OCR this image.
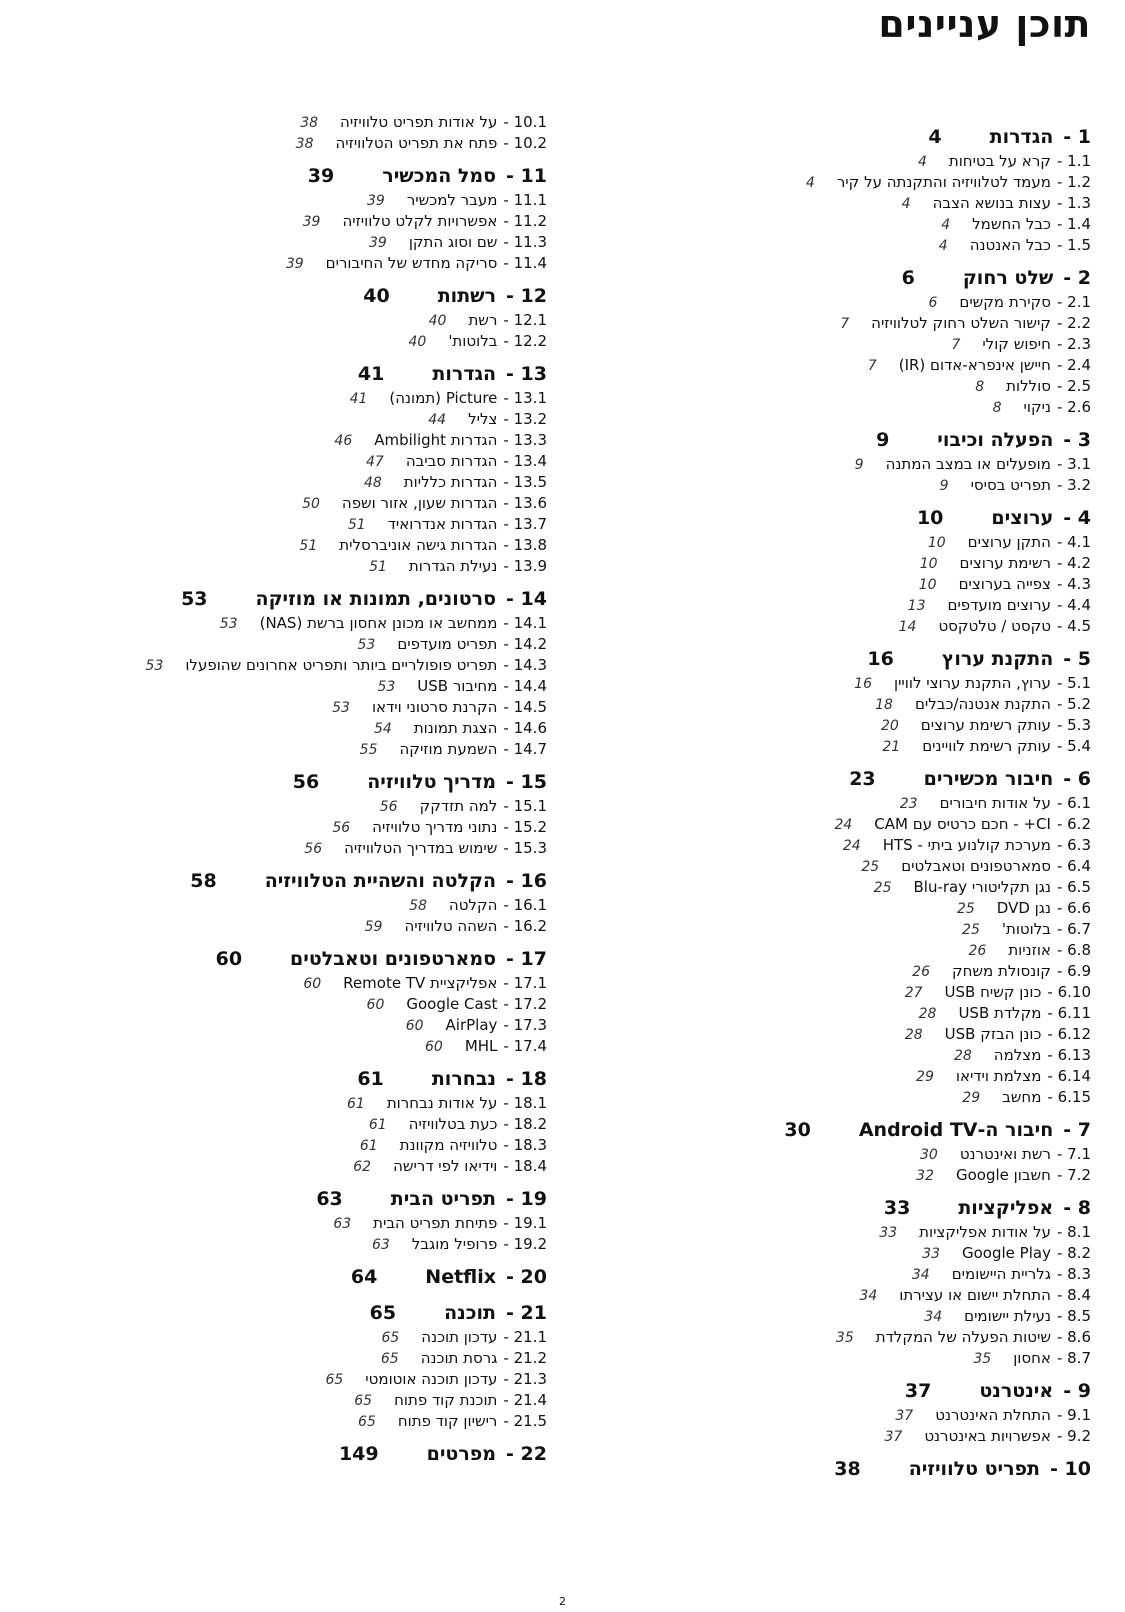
תוכן עניינים
1 -הגדרות4
1.1 -קרא על בטיחות4
1.2 -מעמד לטלוויזיה והתקנתה על קיר4
1.3 -עצות בנושא הצבה4
1.4 -כבל החשמל4
1.5 -כבל האנטנה4
2 -שלט רחוק6
2.1 -סקירת מקשים6
2.2 -קישור השלט רחוק לטלוויזיה7
2.3 -חיפוש קולי7
2.4 -חיישן אינפרא-אדום (IR)7
2.5 -סוללות8
2.6 -ניקוי8
3 -הפעלה וכיבוי9
3.1 -מופעלים או במצב המתנה9
3.2 -תפריט בסיסי9
4 -ערוצים10
4.1 -התקן ערוצים10
4.2 -רשימת ערוצים10
4.3 -צפייה בערוצים10
4.4 -ערוצים מועדפים13
4.5 -טקסט / טלטקסט14
5 -התקנת ערוץ16
5.1 -ערוץ, התקנת ערוצי לוויין16
5.2 -התקנת אנטנה/כבלים18
5.3 -עותק רשימת ערוצים20
5.4 -עותק רשימת לוויינים21
6 -חיבור מכשירים23
6.1 -על אודות חיבורים23
6.2 -CI+ - חכם כרטיס עם CAM24
6.3 -מערכת קולנוע ביתי - HTS24
6.4 -סמארטפונים וטאבלטים25
6.5 -נגן תקליטורי Blu-ray25
6.6 -נגן DVD25
6.7 -בלוטות'25
6.8 -אוזניות26
6.9 -קונסולת משחק26
6.10 -כונן קשיח USB27
6.11 -מקלדת USB28
6.12 -כונן הבזק USB28
6.13 -מצלמה28
6.14 -מצלמת וידיאו29
6.15 -מחשב29
7 -חיבור ה-Android TV30
7.1 -רשת ואינטרנט30
7.2 -חשבון Google32
8 -אפליקציות33
8.1 -על אודות אפליקציות33
8.2 -Google Play33
8.3 -גלריית היישומים34
8.4 -התחלת יישום או עצירתו34
8.5 -נעילת יישומים34
8.6 -שיטות הפעלה של המקלדת35
8.7 -אחסון35
9 -אינטרנט37
9.1 -התחלת האינטרנט37
9.2 -אפשרויות באינטרנט37
10 -תפריט טלוויזיה38
10.1 -על אודות תפריט טלוויזיה38
10.2 -פתח את תפריט הטלוויזיה38
11 -סמל המכשיר39
11.1 -מעבר למכשיר39
11.2 -אפשרויות לקלט טלוויזיה39
11.3 -שם וסוג התקן39
11.4 -סריקה מחדש של החיבורים39
12 -רשתות40
12.1 -רשת40
12.2 -בלוטות'40
13 -הגדרות41
13.1 -Picture (תמונה)41
13.2 -צליל44
13.3 -הגדרות Ambilight46
13.4 -הגדרות סביבה47
13.5 -הגדרות כלליות48
13.6 -הגדרות שעון, אזור ושפה50
13.7 -הגדרות אנדרואיד51
13.8 -הגדרות גישה אוניברסלית51
13.9 -נעילת הגדרות51
14 -סרטונים, תמונות או מוזיקה53
14.1 -ממחשב או מכונן אחסון ברשת (NAS)53
14.2 -תפריט מועדפים53
14.3 -תפריט פופולריים ביותר ותפריט אחרונים שהופעלו53
14.4 -מחיבור USB53
14.5 -הקרנת סרטוני וידאו53
14.6 -הצגת תמונות54
14.7 -השמעת מוזיקה55
15 -מדריך טלוויזיה56
15.1 -למה תזדקק56
15.2 -נתוני מדריך טלוויזיה56
15.3 -שימוש במדריך הטלוויזיה56
16 -הקלטה והשהיית הטלוויזיה58
16.1 -הקלטה58
16.2 -השהה טלוויזיה59
17 -סמארטפונים וטאבלטים60
17.1 -אפליקציית Remote TV60
17.2 -Google Cast60
17.3 -AirPlay60
17.4 -MHL60
18 -נבחרות61
18.1 -על אודות נבחרות61
18.2 -כעת בטלוויזיה61
18.3 -טלוויזיה מקוונת61
18.4 -וידיאו לפי דרישה62
19 -תפריט הבית63
19.1 -פתיחת תפריט הבית63
19.2 -פרופיל מוגבל63
20 -Netflix64
21 -תוכנה65
21.1 -עדכון תוכנה65
21.2 -גרסת תוכנה65
21.3 -עדכון תוכנה אוטומטי65
21.4 -תוכנת קוד פתוח65
21.5 -רישיון קוד פתוח65
22 -מפרטים149
2
